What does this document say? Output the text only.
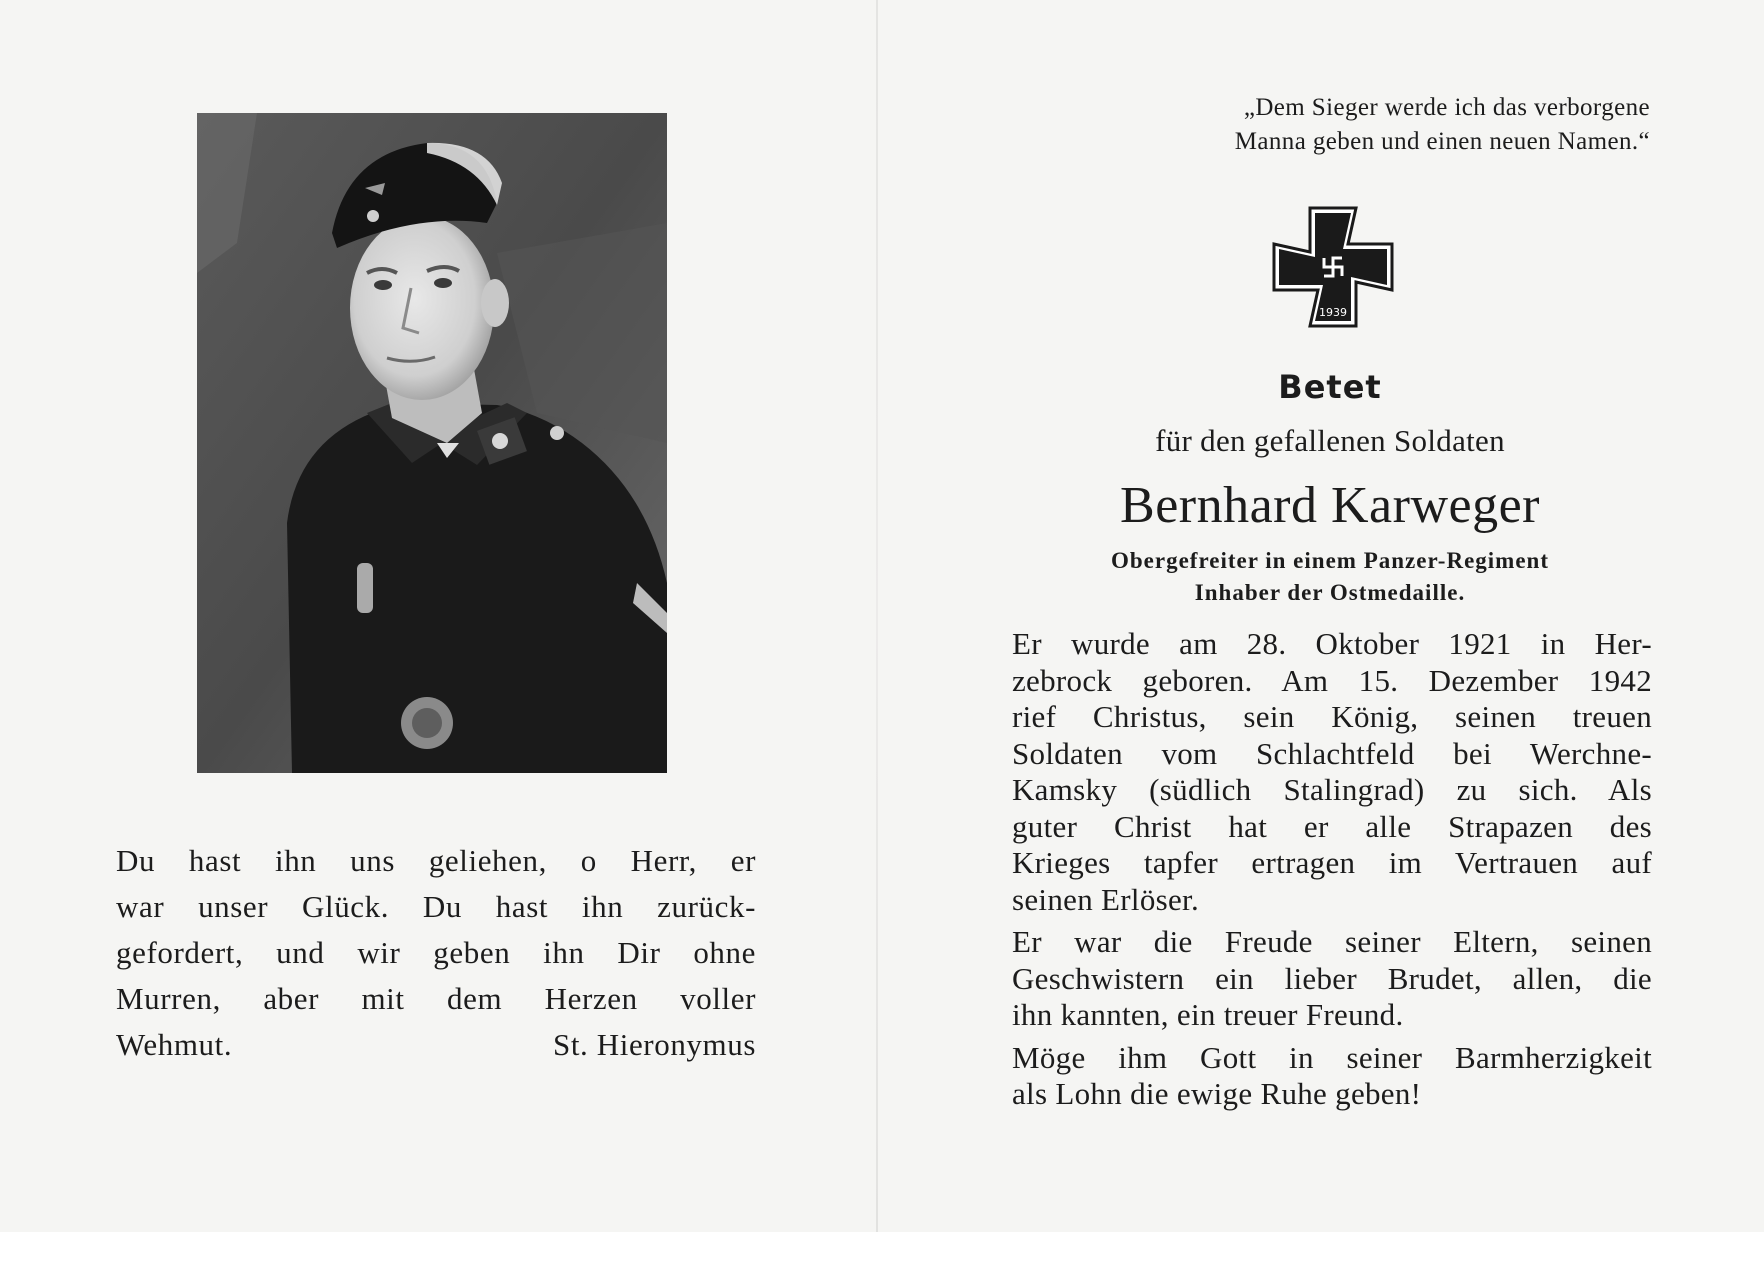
Du hast ihn uns geliehen, o Herr, er
war unser Glück. Du hast ihn zurück-
gefordert, und wir geben ihn Dir ohne
Murren, aber mit dem Herzen voller
Wehmut.	St. Hieronymus
„Dem Sieger werde ich das verborgene
Manna geben und einen neuen Namen.“
1939
Betet
für den gefallenen Soldaten
Bernhard Karweger
Obergefreiter in einem Panzer-Regiment
Inhaber der Ostmedaille.
Er wurde am 28. Oktober 1921 in Her-
zebrock geboren. Am 15. Dezember 1942
rief Christus, sein König, seinen treuen
Soldaten vom Schlachtfeld bei Werchne-
Kamsky (südlich Stalingrad) zu sich. Als
guter Christ hat er alle Strapazen des
Krieges tapfer ertragen im Vertrauen auf
seinen Erlöser.
Er war die Freude seiner Eltern, seinen
Geschwistern ein lieber Brudet, allen, die
ihn kannten, ein treuer Freund.
Möge ihm Gott in seiner Barmherzigkeit
als Lohn die ewige Ruhe geben!
